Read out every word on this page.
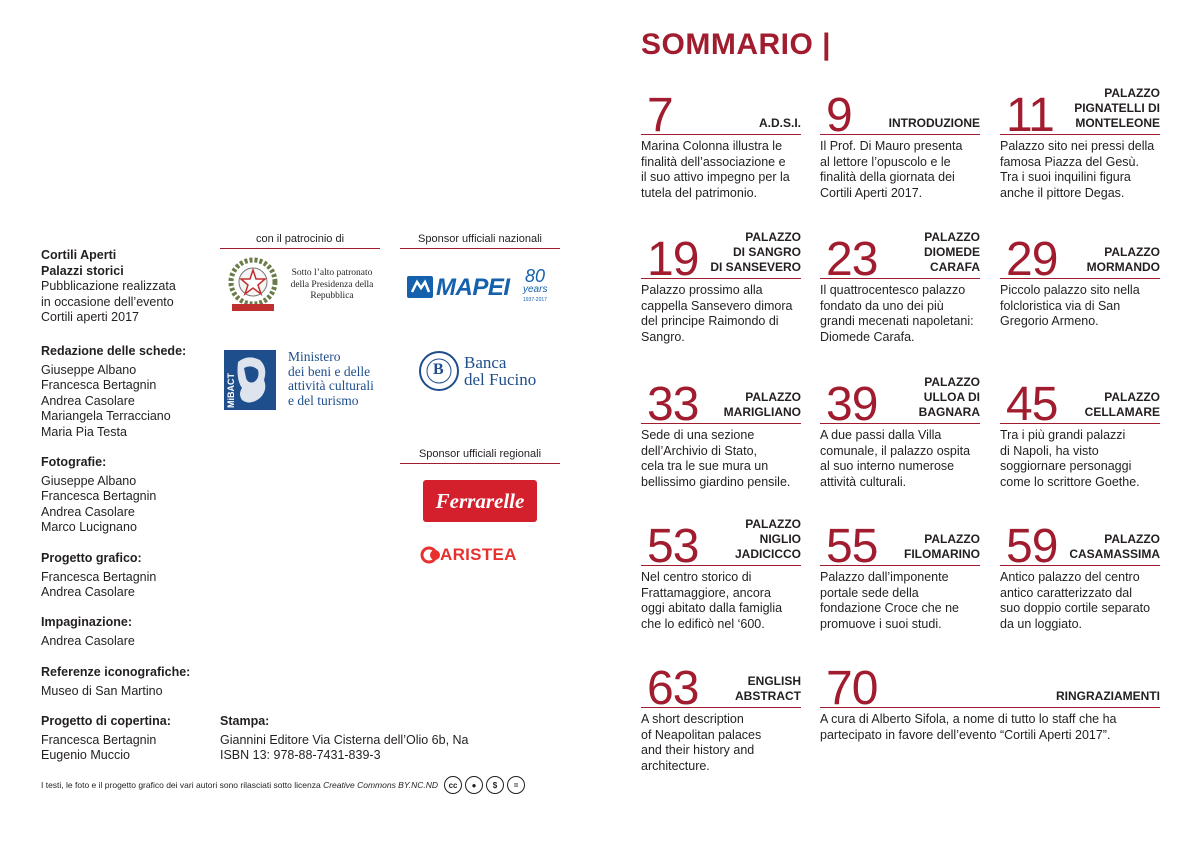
Cortili Aperti
Palazzi storici
Pubblicazione realizzata
in occasione dell’evento
Cortili aperti 2017
Redazione delle schede:
Giuseppe Albano
Francesca Bertagnin
Andrea Casolare
Mariangela Terracciano
Maria Pia Testa
Fotografie:
Giuseppe Albano
Francesca Bertagnin
Andrea Casolare
Marco Lucignano
Progetto grafico:
Francesca Bertagnin
Andrea Casolare
Impaginazione:
Andrea Casolare
Referenze iconografiche:
Museo di San Martino
Progetto di copertina:
Francesca Bertagnin
Eugenio Muccio
Stampa:
Giannini Editore Via Cisterna dell’Olio 6b, Na
ISBN 13: 978-88-7431-839-3
I testi, le foto e il progetto grafico dei vari autori sono rilasciati sotto licenza
Creative Commons BY.NC.ND	cc	●	$	=
con il patrocinio di	Sponsor ufficiali nazionali
Sponsor ufficiali regionali
REPUBBLICA ITALIANA
Sotto l’alto patronato
della Presidenza della
Repubblica
MiBACT
Ministero
dei beni e delle
attività culturali
e del turismo
MAPEI 80
years
1937-2017
B Banca
del Fucino
Ferrarelle
ARISTEA
SOMMARIO |
7	A.D.S.I.
Marina Colonna illustra le
finalità dell’associazione e
il suo attivo impegno per la
tutela del patrimonio.
9	INTRODUZIONE
Il Prof. Di Mauro presenta
al lettore l’opuscolo e le
finalità della giornata dei
Cortili Aperti 2017.
11	PALAZZO
PIGNATELLI DI
MONTELEONE
Palazzo sito nei pressi della
famosa Piazza del Gesù.
Tra i suoi inquilini figura
anche il pittore Degas.
19	PALAZZO
DI SANGRO
DI SANSEVERO
Palazzo prossimo alla
cappella Sansevero dimora
del principe Raimondo di
Sangro.
23	PALAZZO
DIOMEDE
CARAFA
Il quattrocentesco palazzo
fondato da uno dei più
grandi mecenati napoletani:
Diomede Carafa.
29	PALAZZO
MORMANDO
Piccolo palazzo sito nella
folcloristica via di San
Gregorio Armeno.
33	PALAZZO
MARIGLIANO
Sede di una sezione
dell’Archivio di Stato,
cela tra le sue mura un
bellissimo giardino pensile.
39	PALAZZO
ULLOA DI
BAGNARA
A due passi dalla Villa
comunale, il palazzo ospita
al suo interno numerose
attività culturali.
45	PALAZZO
CELLAMARE
Tra i più grandi palazzi
di Napoli, ha visto
soggiornare personaggi
come lo scrittore Goethe.
53	PALAZZO
NIGLIO
JADICICCO
Nel centro storico di
Frattamaggiore, ancora
oggi abitato dalla famiglia
che lo edificò nel ‘600.
55	PALAZZO
FILOMARINO
Palazzo dall’imponente
portale sede della
fondazione Croce che ne
promuove i suoi studi.
59	PALAZZO
CASAMASSIMA
Antico palazzo del centro
antico caratterizzato dal
suo doppio cortile separato
da un loggiato.
63	ENGLISH
ABSTRACT
A short description
of Neapolitan palaces
and their history and
architecture.
70	RINGRAZIAMENTI
A cura di Alberto Sifola, a nome di tutto lo staff che ha
partecipato in favore dell’evento “Cortili Aperti 2017”.
